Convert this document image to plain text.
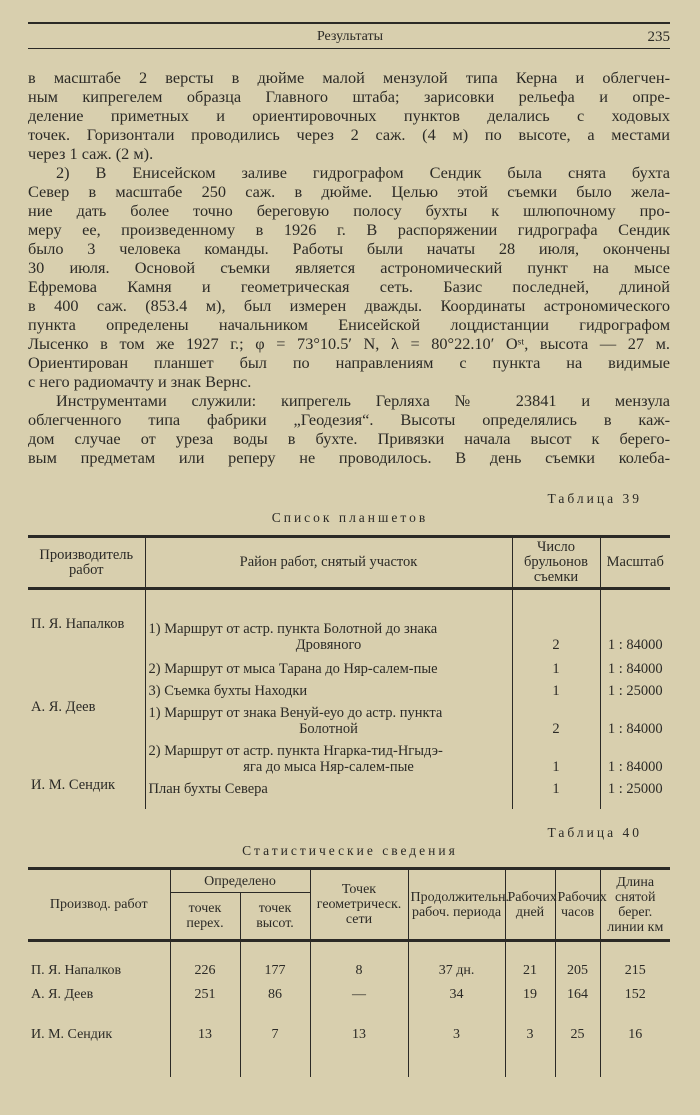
Результаты	235
в масштабе 2 версты в дюйме малой мензулой типа Керна и облегчен-
ным кипрегелем образца Главного штаба; зарисовки рельефа и опре-
деление приметных и ориентировочных пунктов делались с ходовых
точек. Горизонтали проводились через 2 саж. (4 м) по высоте, а местами
через 1 саж. (2 м).
2) В Енисейском заливе гидрографом Сендик была снята бухта
Север в масштабе 250 саж. в дюйме. Целью этой съемки было жела-
ние дать более точно береговую полосу бухты к шлюпочному про-
меру ее, произведенному в 1926 г. В распоряжении гидрографа Сендик
было 3 человека команды. Работы были начаты 28 июля, окончены
30 июля. Основой съемки является астрономический пункт на мысе
Ефремова Камня и геометрическая сеть. Базис последней, длиной
в 400 саж. (853.4 м), был измерен дважды. Координаты астрономического
пункта определены начальником Енисейской лоцдистанции гидрографом
Лысенко в том же 1927 г.; φ = 73°10.5′ N, λ = 80°22.10′ Oˢᵗ, высота — 27 м.
Ориентирован планшет был по направлениям с пункта на видимые
с него радиомачту и знак Вернс.
Инструментами служили: кипрегель Герляха № 23841 и мензула
облегченного типа фабрики „Геодезия“. Высоты определялись в каж-
дом случае от уреза воды в бухте. Привязки начала высот к берего-
вым предметам или реперу не проводилось. В день съемки колеба-
Таблица 39
Список планшетов
Производитель работ	Район работ, снятый участок	Число брульонов съемки	Масштаб
П. Я. Напалков	1) Маршрут от астр. пункта Болотной до знака
Дровяного	2	1 : 84000

	2) Маршрут от мыса Тарана до Няр-салем-пые	1	1 : 84000

	3) Съемка бухты Находки	1	1 : 25000
А. Я. Деев	1) Маршрут от знака Венуй-еуо до астр. пункта
Болотной	2	1 : 84000

	2) Маршрут от астр. пункта Нгарка-тид-Нгыдэ-
яга до мыса Няр-салем-пые	1	1 : 84000
И. М. Сендик	План бухты Севера	1	1 : 25000

Таблица 40
Статистические сведения
Производ. работ	Определено		Точек геометрическ. сети	Продолжительн. рабоч. периода	Рабочих дней	Рабочих часов	Длина снятой берег. линии км
	точек перех.	точек высот.					
П. Я. Напалков	226	177	8	37 дн.	21	205	215
А. Я. Деев	251	86	—	34	19	164	152
И. М. Сендик	13	7	13	3	3	25	16
